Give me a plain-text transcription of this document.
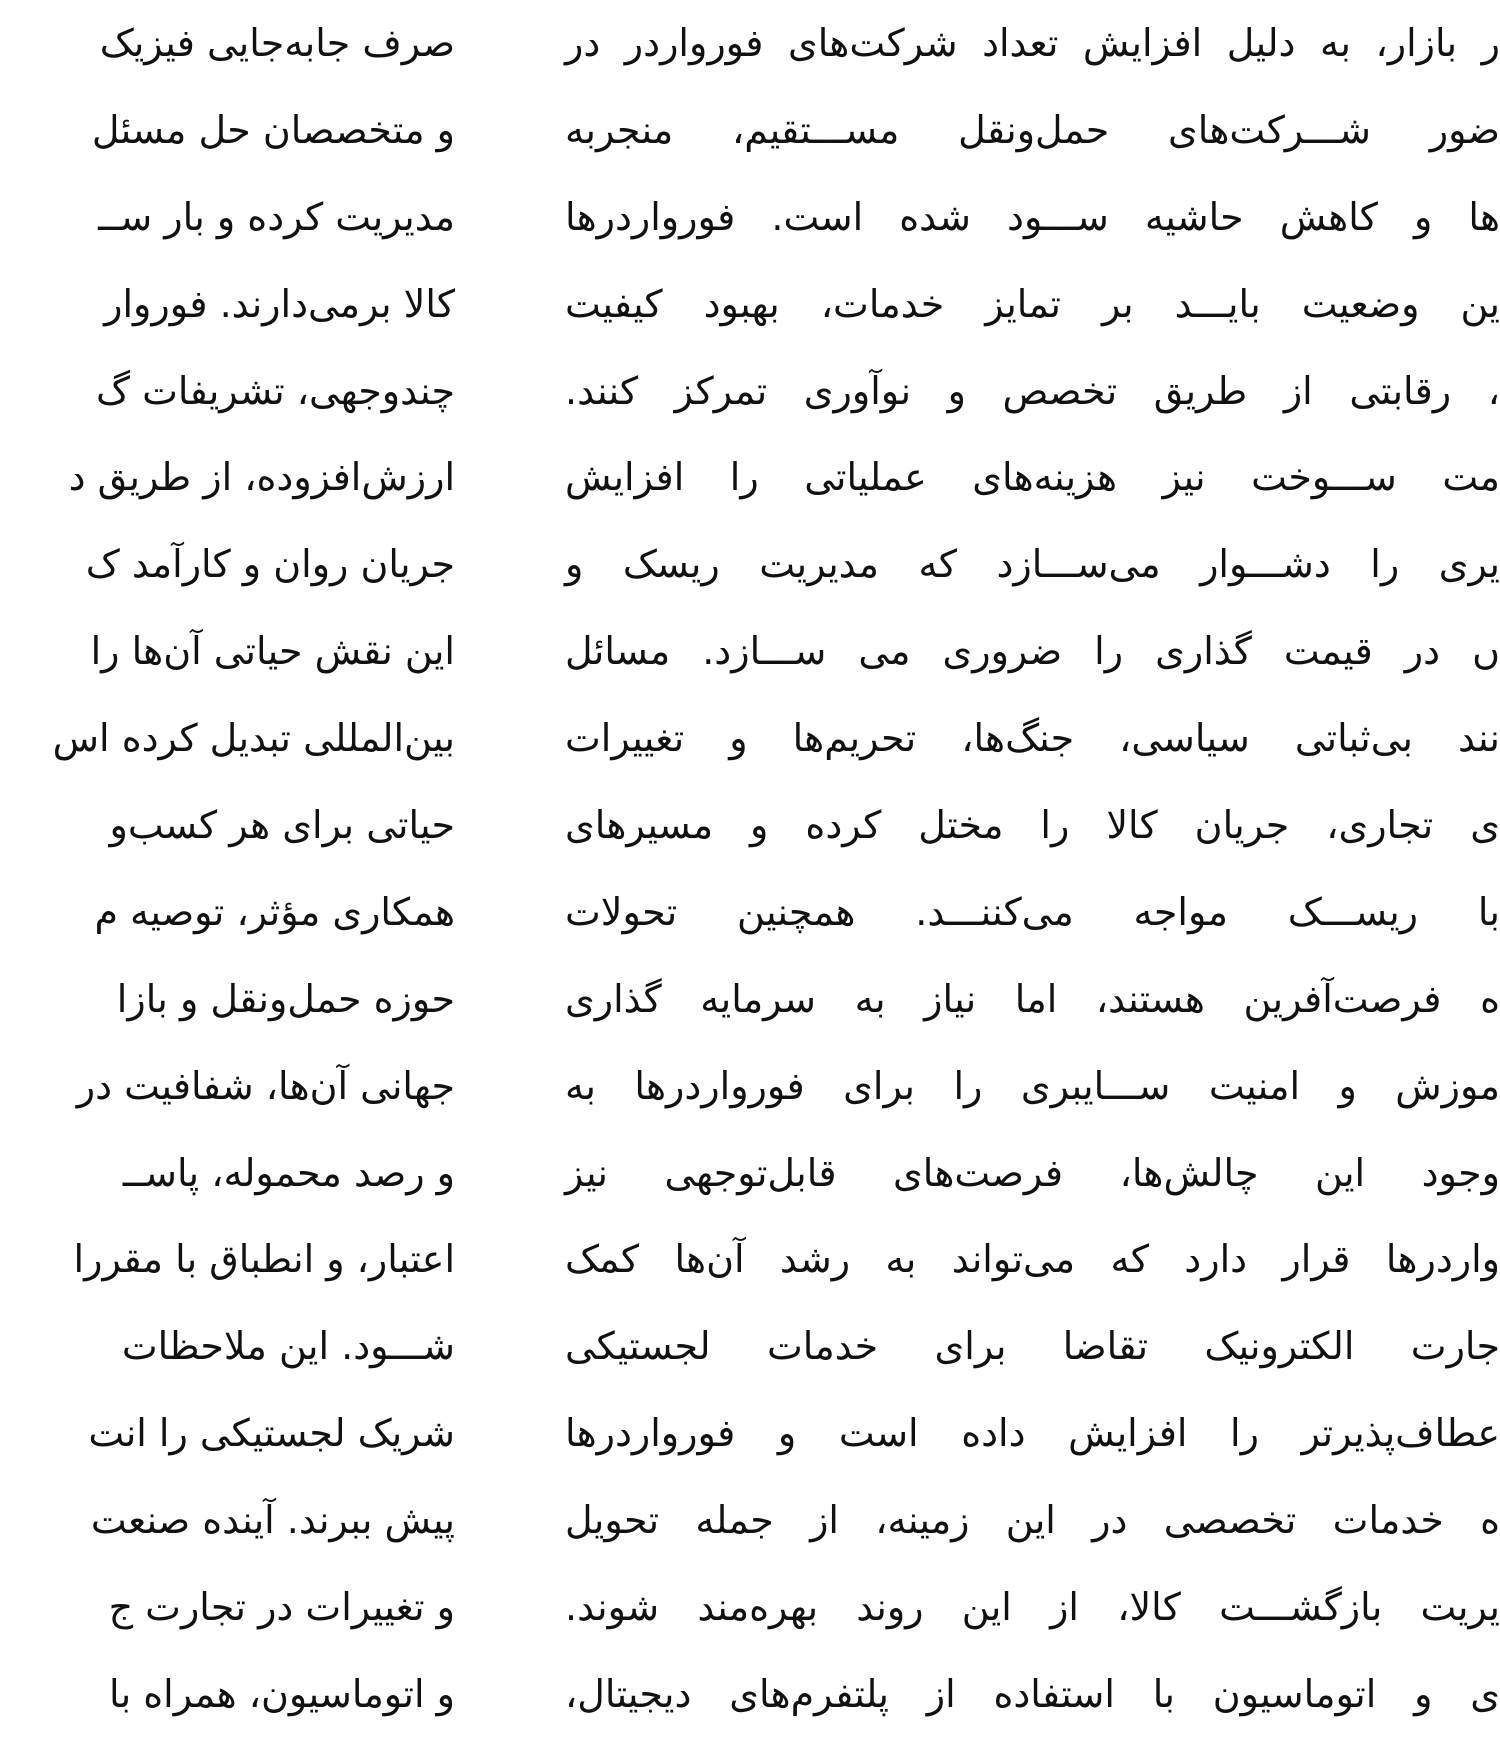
ر بازار، به دلیل افزایش تعداد شرکت‌های فورواردر در
ضور شـــرکت‌های حمل‌ونقل مســـتقیم، منجربه
ها و کاهش حاشیه ســـود شده است. فورواردرها
ین وضعیت بایـــد بر تمایز خدمات، بهبود کیفیت
، رقابتی از طریق تخصص و نوآوری تمرکز کنند.
مت ســـوخت نیز هزینه‌های عملیاتی را افزایش
یری را دشـــوار می‌ســـازد که مدیریت ریسک و
ں در قیمت گذاری را ضروری می ســـازد. مسائل
نند بی‌ثباتی سیاسی، جنگ‌ها، تحریم‌ها و تغییرات
ی تجاری، جریان کالا را مختل کرده و مسیرهای
با ریســـک مواجه می‌کننـــد. همچنین تحولات
ه فرصت‌آفرین هستند، اما نیاز به سرمایه گذاری
موزش و امنیت ســـایبری را برای فورواردرها به
وجود این چالش‌ها، فرصت‌های قابل‌توجهی نیز
واردرها قرار دارد که می‌تواند به رشد آن‌ها کمک
جارت الکترونیک تقاضا برای خدمات لجستیکی
عطاف‌پذیرتر را افزایش داده است و فورواردرها
ه خدمات تخصصی در این زمینه، از جمله تحویل
یریت بازگشـــت کالا، از این روند بهره‌مند شوند.
ی و اتوماسیون با استفاده از پلتفرم‌های دیجیتال،
صرف جابه‌جایی فیزیک
و متخصصان حل مسئل
مدیریت کرده و بار ســ
کالا برمی‌دارند. فوروار
چندوجهی، تشریفات گ
ارزش‌افزوده، از طریق د
جریان روان و کارآمد ک
این نقش حیاتی آن‌ها را
بین‌المللی تبدیل کرده اس
حیاتی برای هر کسب‌و
همکاری مؤثر، توصیه م
حوزه حمل‌ونقل و بازا
جهانی آن‌ها، شفافیت در
و رصد محموله، پاســ
اعتبار، و انطباق با مقررا
شـــود. این ملاحظات
شریک لجستیکی را انت
پیش ببرند. آینده صنعت
و تغییرات در تجارت ج
و اتوماسیون، همراه با
